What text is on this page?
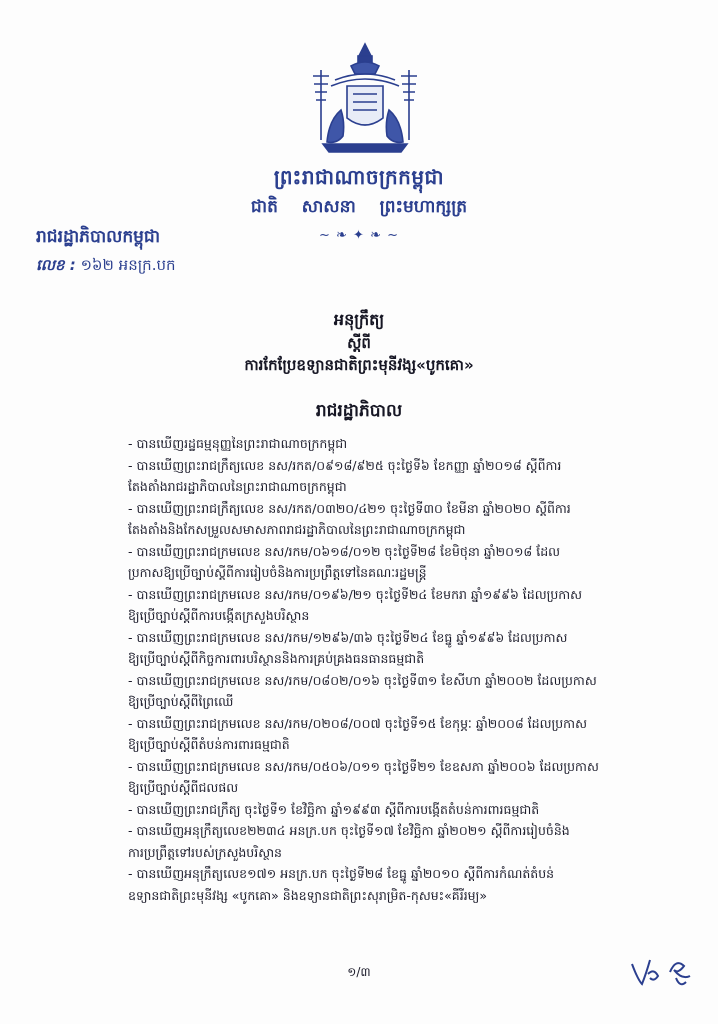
ព្រះរាជាណាចក្រកម្ពុជា
ជាតិ សាសនា ព្រះមហាក្សត្រ
~ ❧ ✦ ❧ ~
រាជរដ្ឋាភិបាលកម្ពុជា
លេខ : ១៦២ អនក្រ.បក
អនុក្រឹត្យ
ស្តីពី
ការកែប្រែឧទ្យានជាតិព្រះមុនីវង្ស«បូកគោ»
រាជរដ្ឋាភិបាល
- បានឃើញរដ្ឋធម្មនុញ្ញនៃព្រះរាជាណាចក្រកម្ពុជា
- បានឃើញព្រះរាជក្រឹត្យលេខ នស/រកត/០៩១៨/៩២៥ ចុះថ្ងៃទី៦ ខែកញ្ញា ឆ្នាំ២០១៨ ស្តីពីការ
តែងតាំងរាជរដ្ឋាភិបាលនៃព្រះរាជាណាចក្រកម្ពុជា
- បានឃើញព្រះរាជក្រឹត្យលេខ នស/រកត/០៣២០/៤២១ ចុះថ្ងៃទី៣០ ខែមីនា ឆ្នាំ២០២០ ស្តីពីការ
តែងតាំងនិងកែសម្រួលសមាសភាពរាជរដ្ឋាភិបាលនៃព្រះរាជាណាចក្រកម្ពុជា
- បានឃើញព្រះរាជក្រមលេខ នស/រកម/០៦១៨/០១២ ចុះថ្ងៃទី២៨ ខែមិថុនា ឆ្នាំ២០១៨ ដែល
ប្រកាសឱ្យប្រើច្បាប់ស្តីពីការរៀបចំនិងការប្រព្រឹត្តទៅនៃគណៈរដ្ឋមន្ត្រី
- បានឃើញព្រះរាជក្រមលេខ នស/រកម/០១៩៦/២១ ចុះថ្ងៃទី២៤ ខែមករា ឆ្នាំ១៩៩៦ ដែលប្រកាស
ឱ្យប្រើច្បាប់ស្តីពីការបង្កើតក្រសួងបរិស្ថាន
- បានឃើញព្រះរាជក្រមលេខ នស/រកម/១២៩៦/៣៦ ចុះថ្ងៃទី២៤ ខែធ្នូ ឆ្នាំ១៩៩៦ ដែលប្រកាស
ឱ្យប្រើច្បាប់ស្តីពីកិច្ចការពារបរិស្ថាននិងការគ្រប់គ្រងធនធានធម្មជាតិ
- បានឃើញព្រះរាជក្រមលេខ នស/រកម/០៨០២/០១៦ ចុះថ្ងៃទី៣១ ខែសីហា ឆ្នាំ២០០២ ដែលប្រកាស
ឱ្យប្រើច្បាប់ស្តីពីព្រៃឈើ
- បានឃើញព្រះរាជក្រមលេខ នស/រកម/០២០៨/០០៧ ចុះថ្ងៃទី១៥ ខែកុម្ភៈ ឆ្នាំ២០០៨ ដែលប្រកាស
ឱ្យប្រើច្បាប់ស្តីពីតំបន់ការពារធម្មជាតិ
- បានឃើញព្រះរាជក្រមលេខ នស/រកម/០៥០៦/០១១ ចុះថ្ងៃទី២១ ខែឧសភា ឆ្នាំ២០០៦ ដែលប្រកាស
ឱ្យប្រើច្បាប់ស្តីពីជលផល
- បានឃើញព្រះរាជក្រឹត្យ ចុះថ្ងៃទី១ ខែវិច្ឆិកា ឆ្នាំ១៩៩៣ ស្តីពីការបង្កើតតំបន់ការពារធម្មជាតិ
- បានឃើញអនុក្រឹត្យលេខ២២៣៤ អនក្រ.បក ចុះថ្ងៃទី១៧ ខែវិច្ឆិកា ឆ្នាំ២០២១ ស្តីពីការរៀបចំនិង
ការប្រព្រឹត្តទៅរបស់ក្រសួងបរិស្ថាន
- បានឃើញអនុក្រឹត្យលេខ១៧១ អនក្រ.បក ចុះថ្ងៃទី២៨ ខែធ្នូ ឆ្នាំ២០១០ ស្តីពីការកំណត់តំបន់
ឧទ្យានជាតិព្រះមុនីវង្ស «បូកគោ» និងឧទ្យានជាតិព្រះសុរាម្រិត-កុសមះ«គីរីរម្យ»
១/៣
